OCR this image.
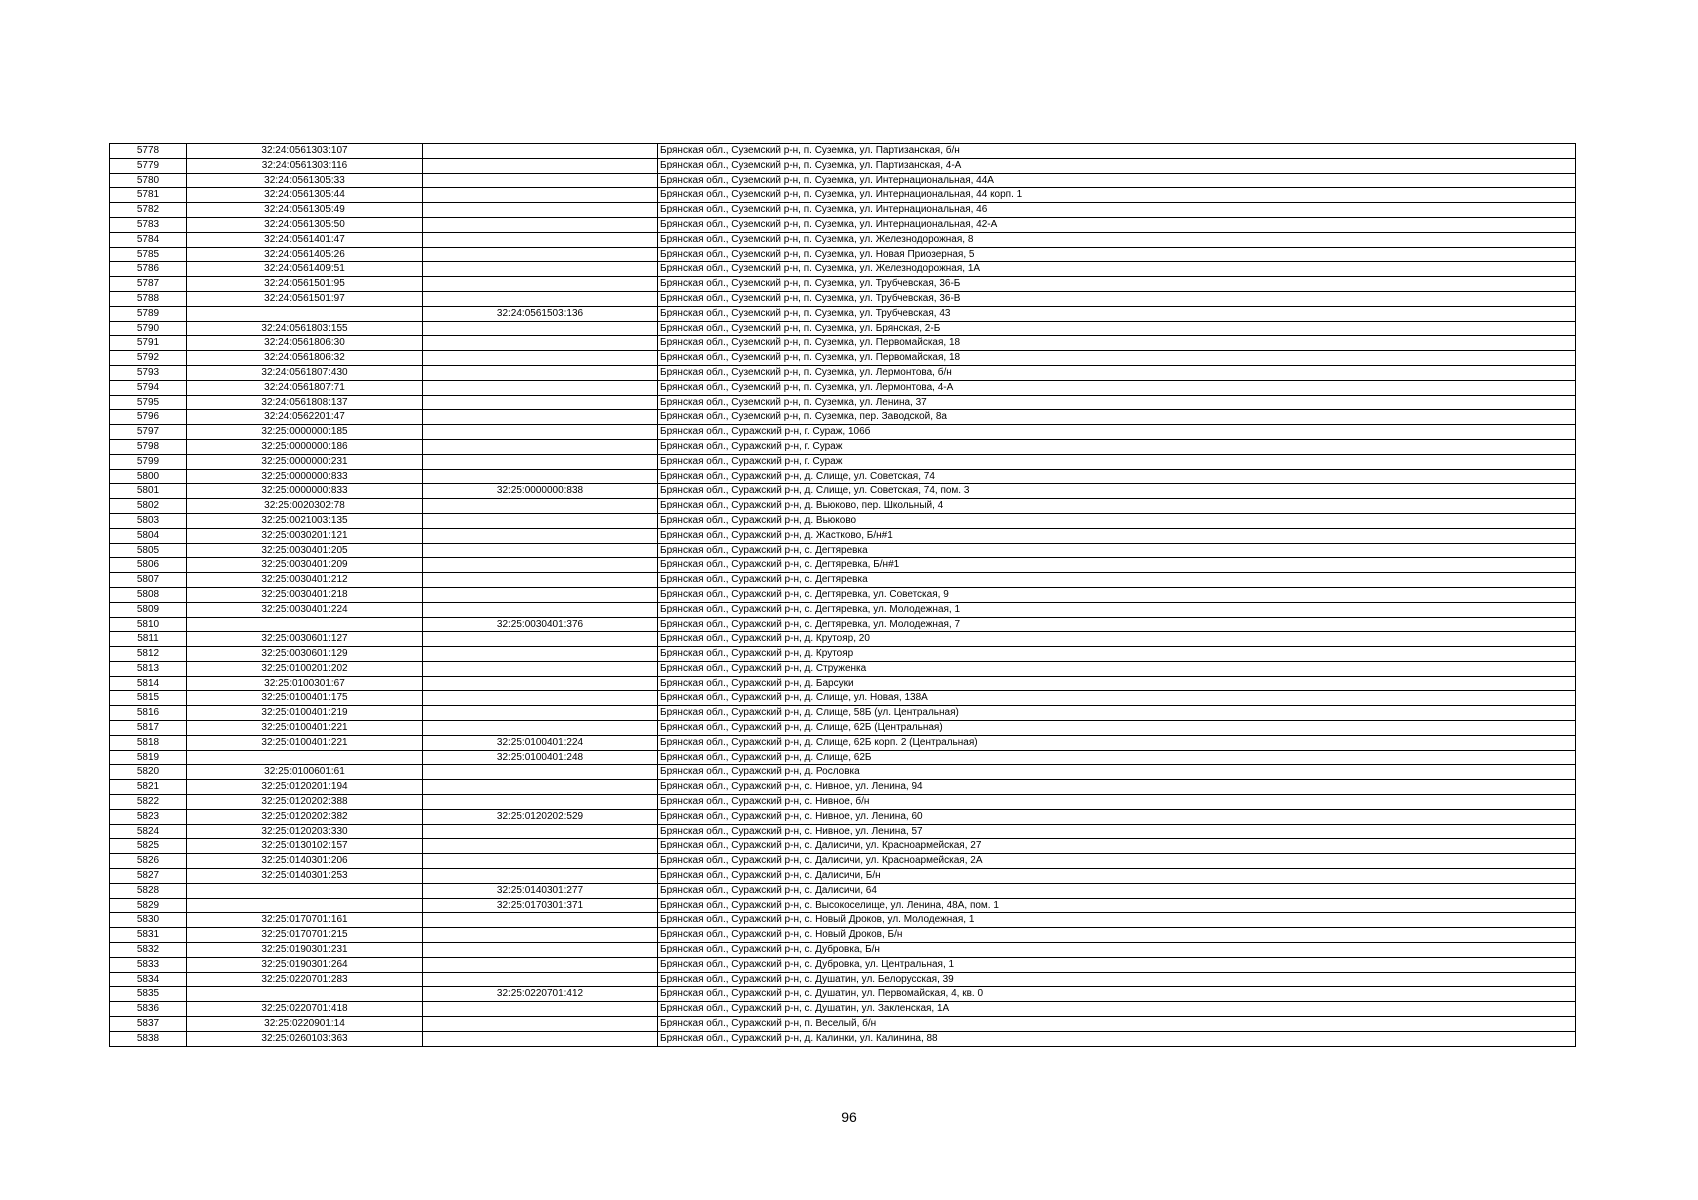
5778	32:24:0561303:107		Брянская обл., Суземский р-н, п. Суземка, ул. Партизанская, б/н
5779	32:24:0561303:116		Брянская обл., Суземский р-н, п. Суземка, ул. Партизанская, 4-А
5780	32:24:0561305:33		Брянская обл., Суземский р-н, п. Суземка, ул. Интернациональная, 44А
5781	32:24:0561305:44		Брянская обл., Суземский р-н, п. Суземка, ул. Интернациональная, 44 корп. 1
5782	32:24:0561305:49		Брянская обл., Суземский р-н, п. Суземка, ул. Интернациональная, 46
5783	32:24:0561305:50		Брянская обл., Суземский р-н, п. Суземка, ул. Интернациональная, 42-А
5784	32:24:0561401:47		Брянская обл., Суземский р-н, п. Суземка, ул. Железнодорожная, 8
5785	32:24:0561405:26		Брянская обл., Суземский р-н, п. Суземка, ул. Новая Приозерная, 5
5786	32:24:0561409:51		Брянская обл., Суземский р-н, п. Суземка, ул. Железнодорожная, 1А
5787	32:24:0561501:95		Брянская обл., Суземский р-н, п. Суземка, ул. Трубчевская, 36-Б
5788	32:24:0561501:97		Брянская обл., Суземский р-н, п. Суземка, ул. Трубчевская, 36-В
5789		32:24:0561503:136	Брянская обл., Суземский р-н, п. Суземка, ул. Трубчевская, 43
5790	32:24:0561803:155		Брянская обл., Суземский р-н, п. Суземка, ул. Брянская, 2-Б
5791	32:24:0561806:30		Брянская обл., Суземский р-н, п. Суземка, ул. Первомайская, 18
5792	32:24:0561806:32		Брянская обл., Суземский р-н, п. Суземка, ул. Первомайская, 18
5793	32:24:0561807:430		Брянская обл., Суземский р-н, п. Суземка, ул. Лермонтова, б/н
5794	32:24:0561807:71		Брянская обл., Суземский р-н, п. Суземка, ул. Лермонтова, 4-А
5795	32:24:0561808:137		Брянская обл., Суземский р-н, п. Суземка, ул. Ленина, 37
5796	32:24:0562201:47		Брянская обл., Суземский р-н, п. Суземка, пер. Заводской, 8а
5797	32:25:0000000:185		Брянская обл., Суражский р-н, г. Сураж, 106б
5798	32:25:0000000:186		Брянская обл., Суражский р-н, г. Сураж
5799	32:25:0000000:231		Брянская обл., Суражский р-н, г. Сураж
5800	32:25:0000000:833		Брянская обл., Суражский р-н, д. Слище, ул. Советская, 74
5801	32:25:0000000:833	32:25:0000000:838	Брянская обл., Суражский р-н, д. Слище, ул. Советская, 74, пом. 3
5802	32:25:0020302:78		Брянская обл., Суражский р-н, д. Вьюково, пер. Школьный, 4
5803	32:25:0021003:135		Брянская обл., Суражский р-н, д. Вьюково
5804	32:25:0030201:121		Брянская обл., Суражский р-н, д. Жастково, Б/н#1
5805	32:25:0030401:205		Брянская обл., Суражский р-н, с. Дегтяревка
5806	32:25:0030401:209		Брянская обл., Суражский р-н, с. Дегтяревка, Б/н#1
5807	32:25:0030401:212		Брянская обл., Суражский р-н, с. Дегтяревка
5808	32:25:0030401:218		Брянская обл., Суражский р-н, с. Дегтяревка, ул. Советская, 9
5809	32:25:0030401:224		Брянская обл., Суражский р-н, с. Дегтяревка, ул. Молодежная, 1
5810		32:25:0030401:376	Брянская обл., Суражский р-н, с. Дегтяревка, ул. Молодежная, 7
5811	32:25:0030601:127		Брянская обл., Суражский р-н, д. Крутояр, 20
5812	32:25:0030601:129		Брянская обл., Суражский р-н, д. Крутояр
5813	32:25:0100201:202		Брянская обл., Суражский р-н, д. Струженка
5814	32:25:0100301:67		Брянская обл., Суражский р-н, д. Барсуки
5815	32:25:0100401:175		Брянская обл., Суражский р-н, д. Слище, ул. Новая, 138А
5816	32:25:0100401:219		Брянская обл., Суражский р-н, д. Слище, 58Б (ул. Центральная)
5817	32:25:0100401:221		Брянская обл., Суражский р-н, д. Слище, 62Б (Центральная)
5818	32:25:0100401:221	32:25:0100401:224	Брянская обл., Суражский р-н, д. Слище, 62Б корп. 2 (Центральная)
5819		32:25:0100401:248	Брянская обл., Суражский р-н, д. Слище, 62Б
5820	32:25:0100601:61		Брянская обл., Суражский р-н, д. Рословка
5821	32:25:0120201:194		Брянская обл., Суражский р-н, с. Нивное, ул. Ленина, 94
5822	32:25:0120202:388		Брянская обл., Суражский р-н, с. Нивное, б/н
5823	32:25:0120202:382	32:25:0120202:529	Брянская обл., Суражский р-н, с. Нивное, ул. Ленина, 60
5824	32:25:0120203:330		Брянская обл., Суражский р-н, с. Нивное, ул. Ленина, 57
5825	32:25:0130102:157		Брянская обл., Суражский р-н, с. Далисичи, ул. Красноармейская, 27
5826	32:25:0140301:206		Брянская обл., Суражский р-н, с. Далисичи, ул. Красноармейская, 2А
5827	32:25:0140301:253		Брянская обл., Суражский р-н, с. Далисичи, Б/н
5828		32:25:0140301:277	Брянская обл., Суражский р-н, с. Далисичи, 64
5829		32:25:0170301:371	Брянская обл., Суражский р-н, с. Высокоселище, ул. Ленина, 48А, пом. 1
5830	32:25:0170701:161		Брянская обл., Суражский р-н, с. Новый Дроков, ул. Молодежная, 1
5831	32:25:0170701:215		Брянская обл., Суражский р-н, с. Новый Дроков, Б/н
5832	32:25:0190301:231		Брянская обл., Суражский р-н, с. Дубровка, Б/н
5833	32:25:0190301:264		Брянская обл., Суражский р-н, с. Дубровка, ул. Центральная, 1
5834	32:25:0220701:283		Брянская обл., Суражский р-н, с. Душатин, ул. Белорусская, 39
5835		32:25:0220701:412	Брянская обл., Суражский р-н, с. Душатин, ул. Первомайская, 4, кв. 0
5836	32:25:0220701:418		Брянская обл., Суражский р-н, с. Душатин, ул. Закленская, 1А
5837	32:25:0220901:14		Брянская обл., Суражский р-н, п. Веселый, б/н
5838	32:25:0260103:363		Брянская обл., Суражский р-н, д. Калинки, ул. Калинина, 88
96
